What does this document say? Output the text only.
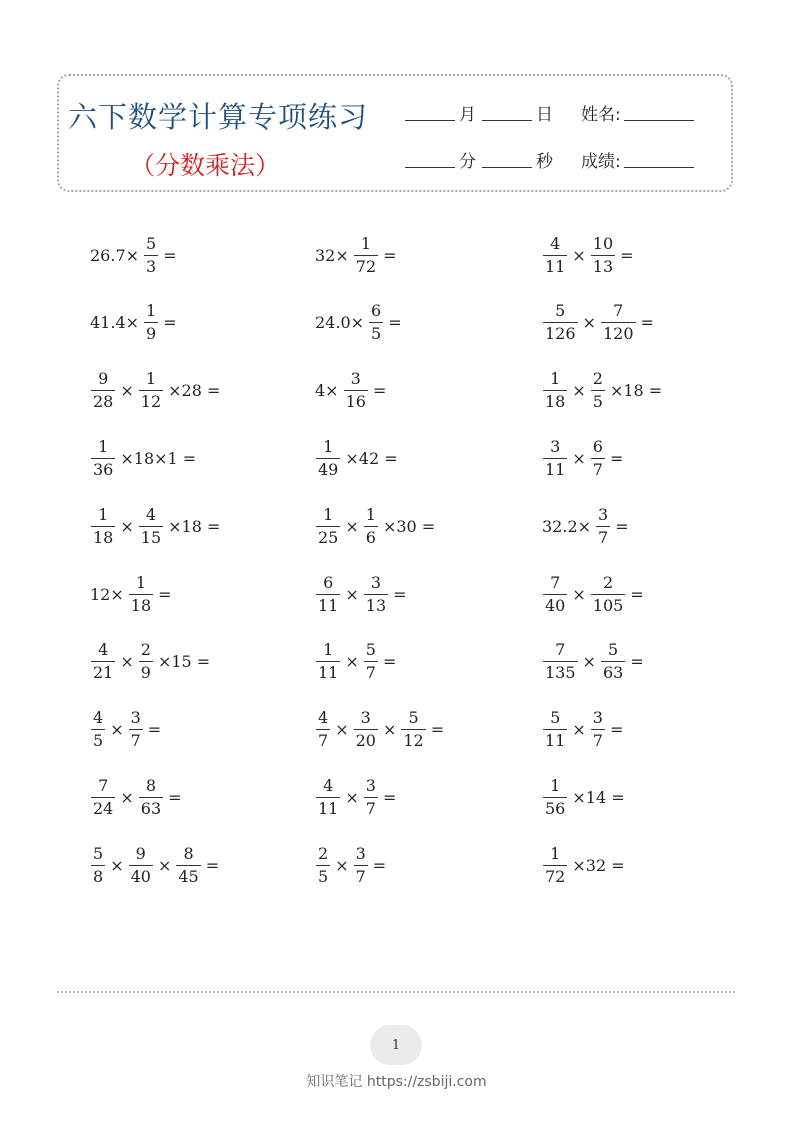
六下数学计算专项练习
（分数乘法）
月	日 姓名:
分	秒 成绩:
$26.7\times \frac{5}{3}$ =	$32\times \frac{1}{72}$ =	$\frac{4}{11} \times \frac{10}{13}$ =
$41.4\times \frac{1}{9}$ =	$24.0\times \frac{6}{5}$ =	$\frac{5}{126} \times \frac{7}{120}$ =
$\frac{9}{28} \times \frac{1}{12} \times 28$ =	$4\times \frac{3}{16}$ =	$\frac{1}{18} \times \frac{2}{5} \times 18$ =
$\frac{1}{36} \times 18\times 1$ =	$\frac{1}{49} \times 42$ =	$\frac{3}{11} \times \frac{6}{7}$ =
$\frac{1}{18} \times \frac{4}{15} \times 18$ =	$\frac{1}{25} \times \frac{1}{6} \times 30$ =	$32.2\times \frac{3}{7}$ =
$12\times \frac{1}{18}$ =	$\frac{6}{11} \times \frac{3}{13}$ =	$\frac{7}{40} \times \frac{2}{105}$ =
$\frac{4}{21} \times \frac{2}{9} \times 15$ =	$\frac{1}{11} \times \frac{5}{7}$ =	$\frac{7}{135} \times \frac{5}{63}$ =
$\frac{4}{5} \times \frac{3}{7}$ =	$\frac{4}{7} \times \frac{3}{20} \times \frac{5}{12}$ =	$\frac{5}{11} \times \frac{3}{7}$ =
$\frac{7}{24} \times \frac{8}{63}$ =	$\frac{4}{11} \times \frac{3}{7}$ =	$\frac{1}{56} \times 14$ =
$\frac{5}{8} \times \frac{9}{40} \times \frac{8}{45}$ =	$\frac{2}{5} \times \frac{3}{7}$ =	$\frac{1}{72} \times 32$ =
1
知识笔记 https://zsbiji.com
